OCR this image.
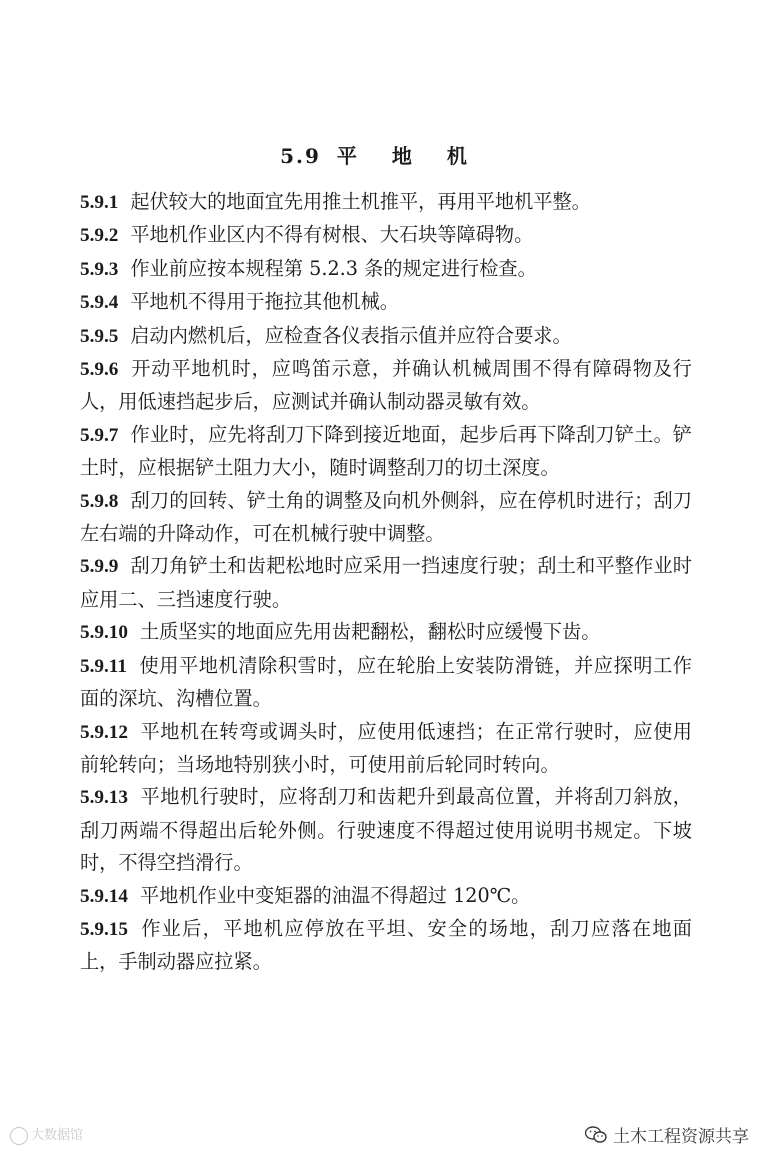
5.9 平 地 机

5.9.1 起伏较大的地面宜先用推土机推平，再用平地机平整。

5.9.2 平地机作业区内不得有树根、大石块等障碍物。

5.9.3 作业前应按本规程第 5.2.3 条的规定进行检查。

5.9.4 平地机不得用于拖拉其他机械。

5.9.5 启动内燃机后，应检查各仪表指示值并应符合要求。

5.9.6 开动平地机时，应鸣笛示意，并确认机械周围不得有障碍物及行人，用低速挡起步后，应测试并确认制动器灵敏有效。

5.9.7 作业时，应先将刮刀下降到接近地面，起步后再下降刮刀铲土。铲土时，应根据铲土阻力大小，随时调整刮刀的切土深度。

5.9.8 刮刀的回转、铲土角的调整及向机外侧斜，应在停机时进行；刮刀左右端的升降动作，可在机械行驶中调整。

5.9.9 刮刀角铲土和齿耙松地时应采用一挡速度行驶；刮土和平整作业时应用二、三挡速度行驶。

5.9.10 土质坚实的地面应先用齿耙翻松，翻松时应缓慢下齿。

5.9.11 使用平地机清除积雪时，应在轮胎上安装防滑链，并应探明工作面的深坑、沟槽位置。

5.9.12 平地机在转弯或调头时，应使用低速挡；在正常行驶时，应使用前轮转向；当场地特别狭小时，可使用前后轮同时转向。

5.9.13 平地机行驶时，应将刮刀和齿耙升到最高位置，并将刮刀斜放，刮刀两端不得超出后轮外侧。行驶速度不得超过使用说明书规定。下坡时，不得空挡滑行。

5.9.14 平地机作业中变矩器的油温不得超过 120℃。

5.9.15 作业后，平地机应停放在平坦、安全的场地，刮刀应落在地面上，手制动器应拉紧。

大数据馆	土木工程资源共享
